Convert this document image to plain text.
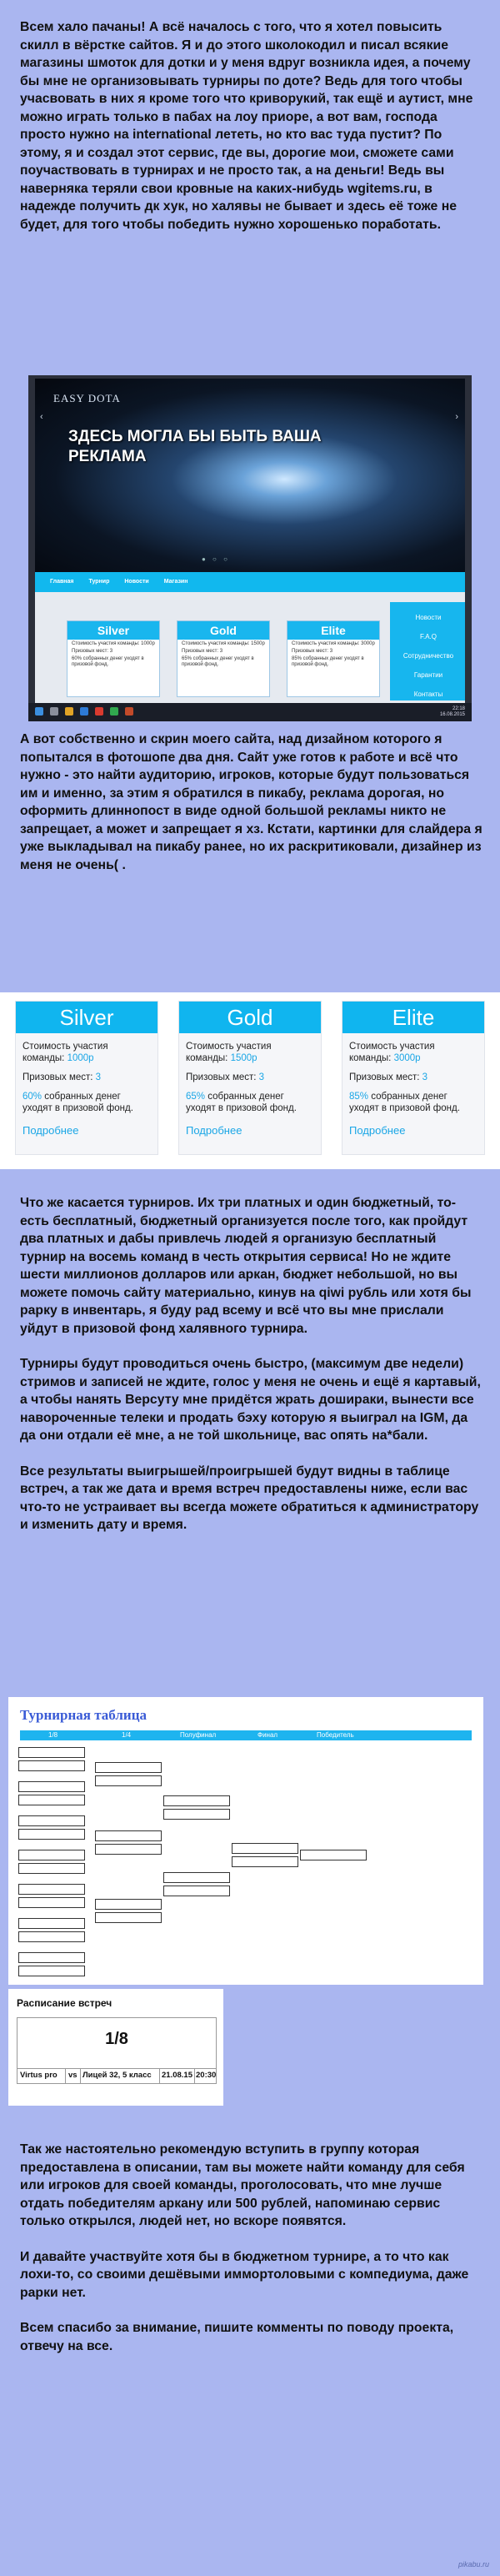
Всем хало пачаны! А всё началось с того, что я хотел повысить скилл в вёрстке сайтов. Я и до этого школокодил и писал всякие магазины шмоток для дотки и у меня вдруг возникла идея, а почему бы мне не организовывать турниры по доте? Ведь для того чтобы учасвовать в них я кроме того что криворукий, так ещё и аутист, мне можно играть только в пабах на лоу приоре, а вот вам, господа просто нужно на international лететь, но кто вас туда пустит? По этому, я и создал этот сервис, где вы, дорогие мои, сможете сами поучаствовать в турнирах и не просто так, а на деньги! Ведь вы наверняка теряли свои кровные на каких-нибудь wgitems.ru, в надежде получить дк хук, но халявы не бывает и здесь её тоже не будет, для того чтобы победить нужно хорошенько поработать.

EASY DOTA
‹	›
ЗДЕСЬ МОГЛА БЫ БЫТЬ ВАША РЕКЛАМА
● ○ ○
Главная	Турнир	Новости	Магазин
Новости
F.A.Q
Сотрудничество
Гарантии
Контакты
Silver
Стоимость участия команды: 1000р
Призовых мест: 3
60% собранных денег уходят в призовой фонд.
Gold
Стоимость участия команды: 1500р
Призовых мест: 3
65% собранных денег уходят в призовой фонд.
Elite
Стоимость участия команды: 3000р
Призовых мест: 3
85% собранных денег уходят в призовой фонд.
22:18
16.08.2015

А вот собственно и скрин моего сайта, над дизайном которого я попытался в фотошопе два дня. Сайт уже готов к работе и всё что нужно - это найти аудиторию, игроков, которые будут пользоваться им и именно, за этим я обратился в пикабу, реклама дорогая, но оформить длиннопост в виде одной большой рекламы никто не запрещает, а может и запрещает я хз. Кстати, картинки для слайдера я уже выкладывал на пикабу ранее, но их раскритиковали, дизайнер из меня не очень( .

Silver
Стоимость участия команды: 1000р
Призовых мест: 3
60% собранных денег уходят в призовой фонд.
Подробнее
Gold
Стоимость участия команды: 1500р
Призовых мест: 3
65% собранных денег уходят в призовой фонд.
Подробнее
Elite
Стоимость участия команды: 3000р
Призовых мест: 3
85% собранных денег уходят в призовой фонд.
Подробнее

Что же касается турниров. Их три платных и один бюджетный, то-есть бесплатный, бюджетный организуется после того, как пройдут два платных и дабы привлечь людей я организую бесплатный турнир на восемь команд в честь открытия сервиса! Но не ждите шести миллионов долларов или аркан, бюджет небольшой, но вы можете помочь сайту материально, кинув на qiwi рубль или хотя бы рарку в инвентарь, я буду рад всему и всё что вы мне прислали уйдут в призовой фонд халявного турнира.

Турниры будут проводиться очень быстро, (максимум две недели) стримов и записей не ждите, голос у меня не очень и ещё я картавый, а чтобы нанять Версуту мне придётся жрать дошираки, вынести все навороченные телеки и продать бэху которую я выиграл на IGM, да да они отдали её мне, а не той школьнице, вас опять на*бали.

Все результаты выигрышей/проигрышей будут видны в таблице встреч, а так же дата и время встреч предоставлены ниже, если вас что-то не устраивает вы всегда можете обратиться к администратору и изменить дату и время.

Турнирная таблица
1/8	1/4	Полуфинал	Финал	Победитель
Расписание встреч
1/8
Virtus pro vs Лицей 32, 5 класс 21.08.15 20:30

Так же настоятельно рекомендую вступить в группу которая предоставлена в описании, там вы можете найти команду для себя или игроков для своей команды, проголосовать, что мне лучше отдать победителям аркану или 500 рублей, напоминаю сервис только открылся, людей нет, но вскоре появятся.

И давайте участвуйте хотя бы в бюджетном турнире, а то что как лохи-то, со своими дешёвыми иммортоловыми с компедиума, даже рарки нет.

Всем спасибо за внимание, пишите комменты по поводу проекта, отвечу на все.

pikabu.ru
